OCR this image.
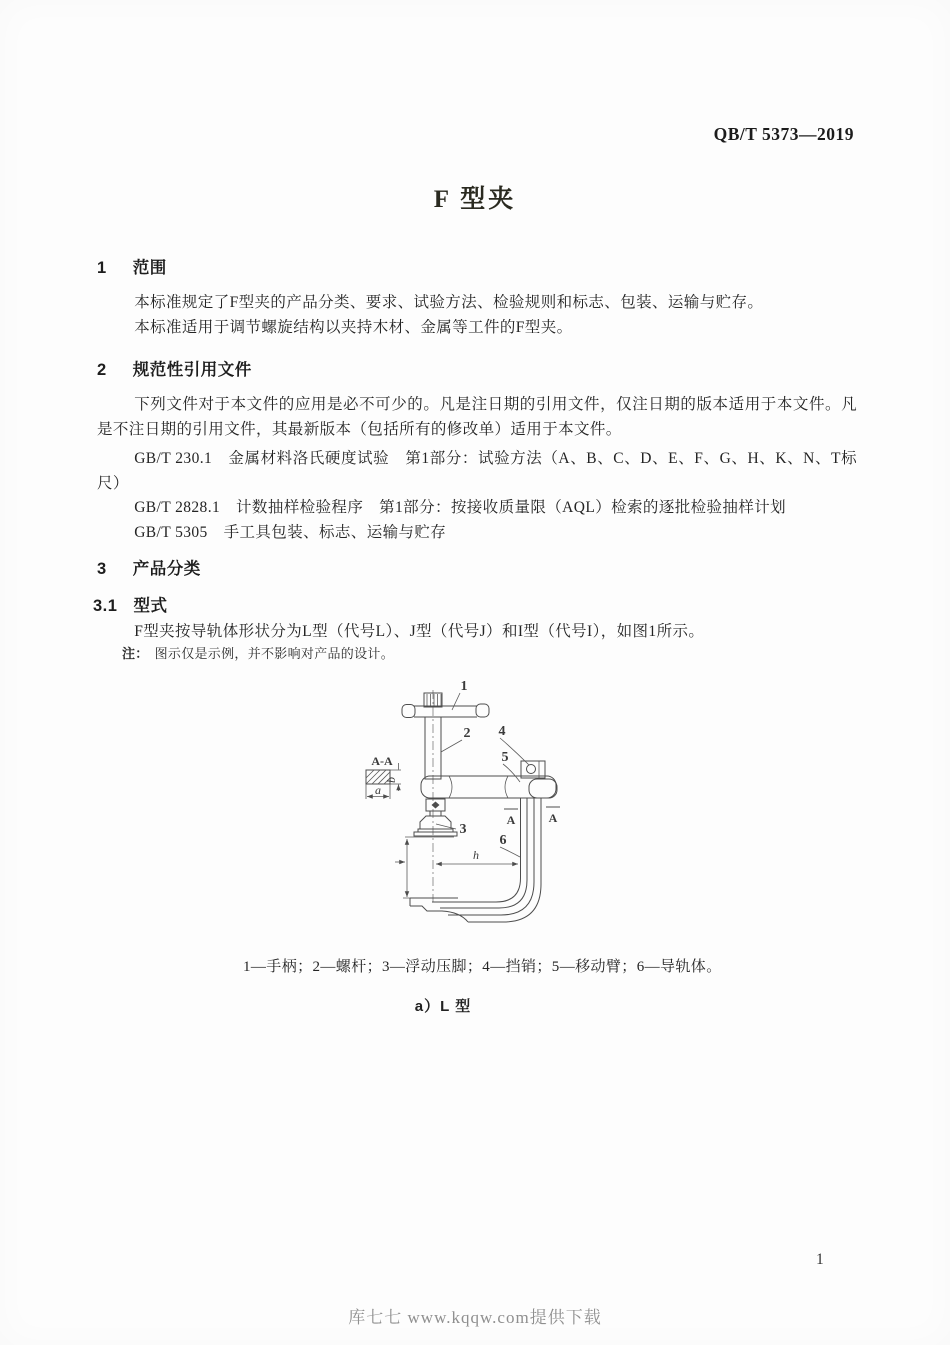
QB/T 5373—2019
F 型夹
1 范围

本标准规定了F型夹的产品分类、要求、试验方法、检验规则和标志、包装、运输与贮存。

本标准适用于调节螺旋结构以夹持木材、金属等工件的F型夹。

2 规范性引用文件

下列文件对于本文件的应用是必不可少的。凡是注日期的引用文件，仅注日期的版本适用于本文件。凡是不注日期的引用文件，其最新版本（包括所有的修改单）适用于本文件。

GB/T 230.1　金属材料洛氏硬度试验　第1部分：试验方法（A、B、C、D、E、F、G、H、K、N、T标尺）

GB/T 2828.1　计数抽样检验程序　第1部分：按接收质量限（AQL）检索的逐批检验抽样计划

GB/T 5305　手工具包装、标志、运输与贮存

3 产品分类
3.1 型式

F型夹按导轨体形状分为L型（代号L）、J型（代号J）和I型（代号I），如图1所示。

注： 图示仅是示例，并不影响对产品的设计。
A-A
a
b
A	A
h
1
2 4
5
3
6
1—手柄；2—螺杆；3—浮动压脚；4—挡销；5—移动臂；6—导轨体。
a）L 型
1
库七七 www.kqqw.com提供下载
